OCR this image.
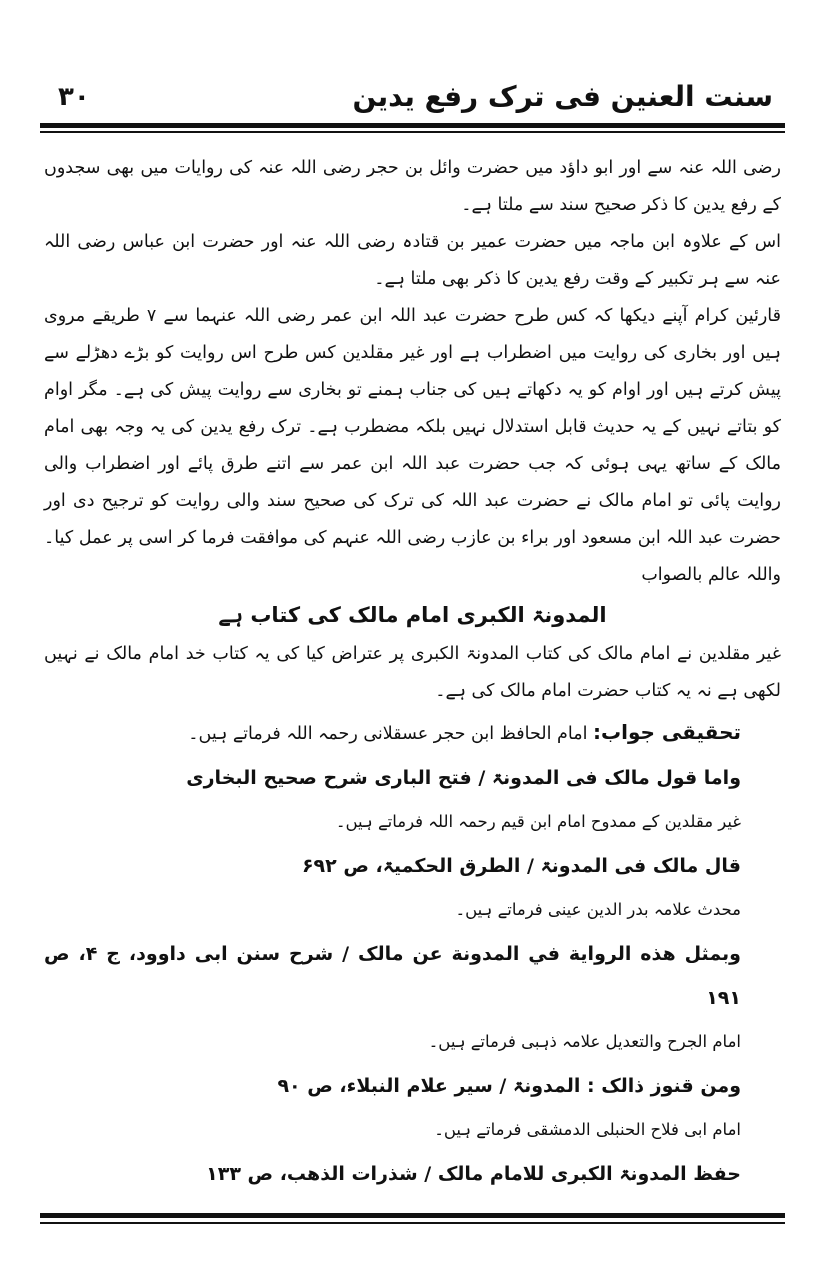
۳۰	سنت العنین فی ترک رفع یدین

رضی اللہ عنہ سے اور ابو داؤد میں حضرت وائل بن حجر رضی اللہ عنہ کی روایات میں بھی سجدوں کے رفع یدین کا ذکر صحیح سند سے ملتا ہے۔

اس کے علاوہ ابن ماجہ میں حضرت عمیر بن قتادہ رضی اللہ عنہ اور حضرت ابن عباس رضی اللہ عنہ سے ہر تکبیر کے وقت رفع یدین کا ذکر بھی ملتا ہے۔

قارئین کرام آپنے دیکھا کہ کس طرح حضرت عبد اللہ ابن عمر رضی اللہ عنہما سے ۷ طریقے مروی ہیں اور بخاری کی روایت میں اضطراب ہے اور غیر مقلدین کس طرح اس روایت کو بڑے دھڑلے سے پیش کرتے ہیں اور اوام کو یہ دکھاتے ہیں کی جناب ہمنے تو بخاری سے روایت پیش کی ہے۔ مگر اوام کو بتاتے نہیں کے یہ حدیث قابل استدلال نہیں بلکہ مضطرب ہے۔ ترک رفع یدین کی یہ وجہ بھی امام مالک کے ساتھ یہی ہوئی کہ جب حضرت عبد اللہ ابن عمر سے اتنے طرق پائے اور اضطراب والی روایت پائی تو امام مالک نے حضرت عبد اللہ کی ترک کی صحیح سند والی روایت کو ترجیح دی اور حضرت عبد اللہ ابن مسعود اور براء بن عازب رضی اللہ عنہم کی موافقت فرما کر اسی پر عمل کیا۔ واللہ عالم بالصواب

المدونۃ الکبری امام مالک کی کتاب ہے

غیر مقلدین نے امام مالک کی کتاب المدونۃ الکبری پر عتراض کیا کی یہ کتاب خد امام مالک نے نہیں لکھی ہے نہ یہ کتاب حضرت امام مالک کی ہے۔

تحقیقی جواب: امام الحافظ ابن حجر عسقلانی رحمہ اللہ فرماتے ہیں۔

واما قول مالک فی المدونۃ / فتح الباری شرح صحیح البخاری

غیر مقلدین کے ممدوح امام ابن قیم رحمہ اللہ فرماتے ہیں۔

قال مالک فی المدونۃ / الطرق الحکمیۃ، ص ۶۹۲

محدث علامہ بدر الدین عینی فرماتے ہیں۔

وبمثل هذه الرواية في المدونة عن مالک / شرح سنن ابی داوود، ج ۴، ص ۱۹۱

امام الجرح والتعدیل علامہ ذہبی فرماتے ہیں۔

ومن قنوز ذالک : المدونۃ / سیر علام النبلاء، ص ۹۰

امام ابی فلاح الحنبلی الدمشقی فرماتے ہیں۔

حفظ المدونۃ الکبری للامام مالک / شذرات الذهب، ص ۱۳۳
